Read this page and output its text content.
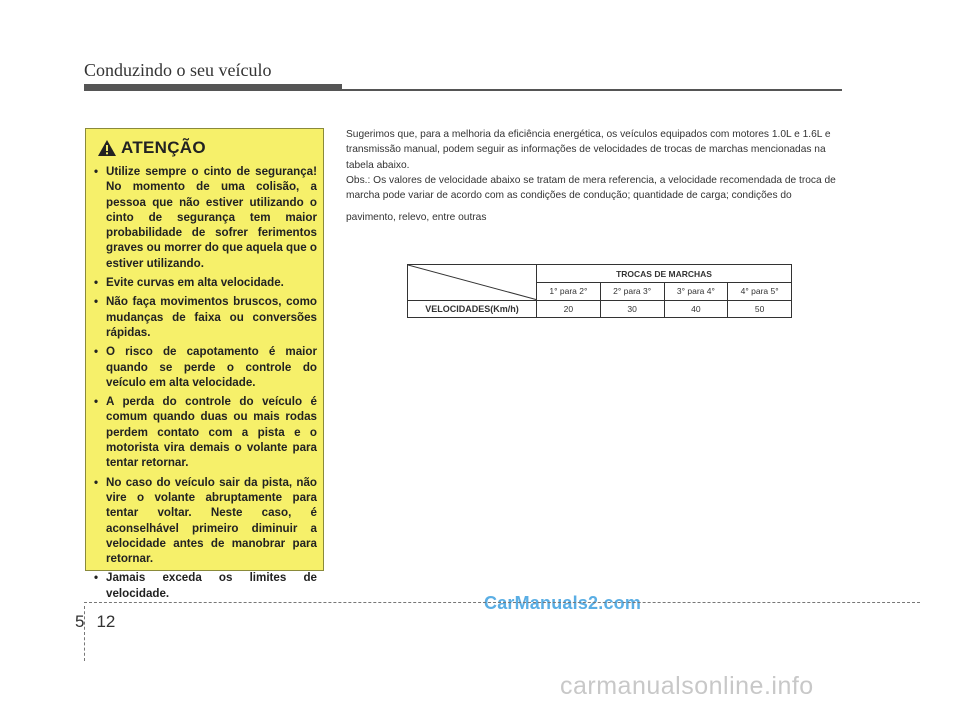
Conduzindo o seu veículo
ATENÇÃO
• Utilize sempre o cinto de segurança! No momento de uma colisão, a pessoa que não estiver utilizando o cinto de segurança tem maior probabilidade de sofrer ferimentos graves ou morrer do que aquela que o estiver utilizando.
• Evite curvas em alta velocidade.
• Não faça movimentos bruscos, como mudanças de faixa ou conversões rápidas.
• O risco de capotamento é maior quando se perde o controle do veículo em alta velocidade.
• A perda do controle do veículo é comum quando duas ou mais rodas perdem contato com a pista e o motorista vira demais o volante para tentar retornar.
• No caso do veículo sair da pista, não vire o volante abruptamente para tentar voltar. Neste caso, é aconselhável primeiro diminuir a velocidade antes de manobrar para retornar.
• Jamais exceda os limites de velocidade.

Sugerimos que, para a melhoria da eficiência energética, os veículos equipados com motores 1.0L e 1.6L e transmissão manual, podem seguir as informações de velocidades de trocas de marchas mencionadas na tabela abaixo.

Obs.: Os valores de velocidade abaixo se tratam de mera referencia, a velocidade recomendada de troca de marcha pode variar de acordo com as condições de condução; quantidade de carga; condições do

pavimento, relevo, entre outras

	TROCAS DE MARCHAS			
	1° para 2°	2° para 3°	3° para 4°	4° para 5°
VELOCIDADES(Km/h)	20	30	40	50
CarManuals2.com
5 12
carmanualsonline.info
